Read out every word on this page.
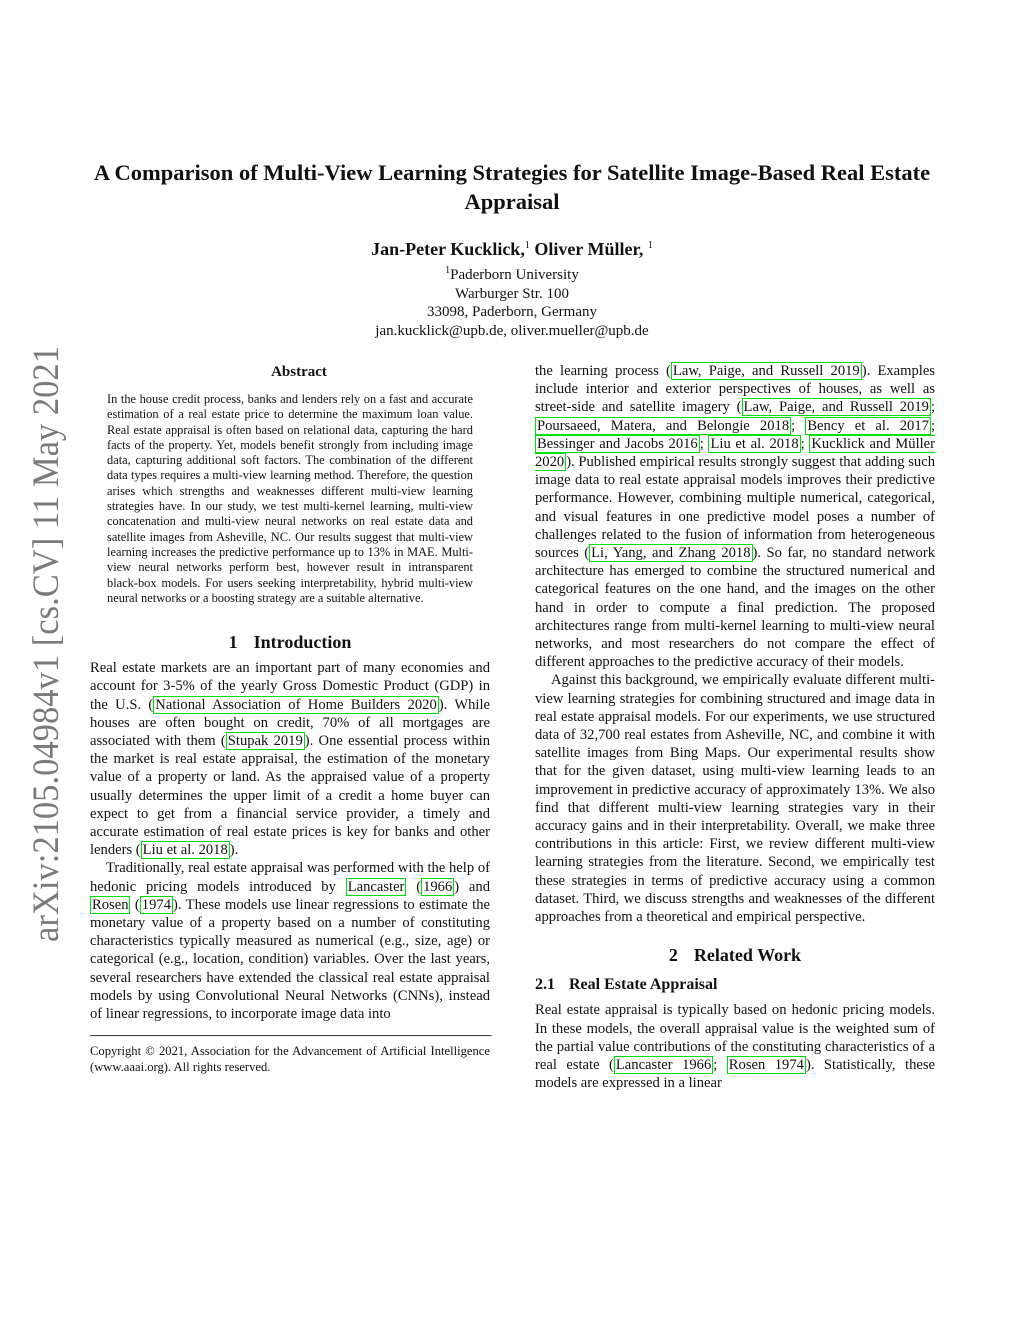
arXiv:2105.04984v1 [cs.CV] 11 May 2021
A Comparison of Multi-View Learning Strategies for Satellite Image-Based Real Estate Appraisal
Jan-Peter Kucklick,$^1$ Oliver Müller, $^1$
$^1$Paderborn University
Warburger Str. 100
33098, Paderborn, Germany
jan.kucklick@upb.de, oliver.mueller@upb.de
Abstract
In the house credit process, banks and lenders rely on a fast and accurate estimation of a real estate price to determine the maximum loan value. Real estate appraisal is often based on relational data, capturing the hard facts of the property. Yet, models benefit strongly from including image data, capturing additional soft factors. The combination of the different data types requires a multi-view learning method. Therefore, the question arises which strengths and weaknesses different multi-view learning strategies have. In our study, we test multi-kernel learning, multi-view concatenation and multi-view neural networks on real estate data and satellite images from Asheville, NC. Our results suggest that multi-view learning increases the predictive performance up to 13% in MAE. Multi-view neural networks perform best, however result in intransparent black-box models. For users seeking interpretability, hybrid multi-view neural networks or a boosting strategy are a suitable alternative.
1 Introduction

Real estate markets are an important part of many economies and account for 3-5% of the yearly Gross Domestic Product (GDP) in the U.S. ( National Association of Home Builders 2020 ). While houses are often bought on credit, 70% of all mortgages are associated with them ( Stupak 2019 ). One essential process within the market is real estate appraisal, the estimation of the monetary value of a property or land. As the appraised value of a property usually determines the upper limit of a credit a home buyer can expect to get from a financial service provider, a timely and accurate estimation of real estate prices is key for banks and other lenders ( Liu et al. 2018 ).

Traditionally, real estate appraisal was performed with the help of hedonic pricing models introduced by Lancaster ( 1966 ) and Rosen ( 1974 ). These models use linear regressions to estimate the monetary value of a property based on a number of constituting characteristics typically measured as numerical (e.g., size, age) or categorical (e.g., location, condition) variables. Over the last years, several researchers have extended the classical real estate appraisal models by using Convolutional Neural Networks (CNNs), instead of linear regressions, to incorporate image data into

Copyright © 2021, Association for the Advancement of Artificial Intelligence (www.aaai.org). All rights reserved.

the learning process ( Law, Paige, and Russell 2019 ). Examples include interior and exterior perspectives of houses, as well as street-side and satellite imagery ( Law, Paige, and Russell 2019 ; Poursaeed, Matera, and Belongie 2018 ; Bency et al. 2017 ; Bessinger and Jacobs 2016 ; Liu et al. 2018 ; Kucklick and Müller 2020 ). Published empirical results strongly suggest that adding such image data to real estate appraisal models improves their predictive performance. However, combining multiple numerical, categorical, and visual features in one predictive model poses a number of challenges related to the fusion of information from heterogeneous sources ( Li, Yang, and Zhang 2018 ). So far, no standard network architecture has emerged to combine the structured numerical and categorical features on the one hand, and the images on the other hand in order to compute a final prediction. The proposed architectures range from multi-kernel learning to multi-view neural networks, and most researchers do not compare the effect of different approaches to the predictive accuracy of their models.

Against this background, we empirically evaluate different multi-view learning strategies for combining structured and image data in real estate appraisal models. For our experiments, we use structured data of 32,700 real estates from Asheville, NC, and combine it with satellite images from Bing Maps. Our experimental results show that for the given dataset, using multi-view learning leads to an improvement in predictive accuracy of approximately 13%. We also find that different multi-view learning strategies vary in their accuracy gains and in their interpretability. Overall, we make three contributions in this article: First, we review different multi-view learning strategies from the literature. Second, we empirically test these strategies in terms of predictive accuracy using a common dataset. Third, we discuss strengths and weaknesses of the different approaches from a theoretical and empirical perspective.

2 Related Work
2.1 Real Estate Appraisal

Real estate appraisal is typically based on hedonic pricing models. In these models, the overall appraisal value is the weighted sum of the partial value contributions of the constituting characteristics of a real estate ( Lancaster 1966 ; Rosen 1974 ). Statistically, these models are expressed in a linear
